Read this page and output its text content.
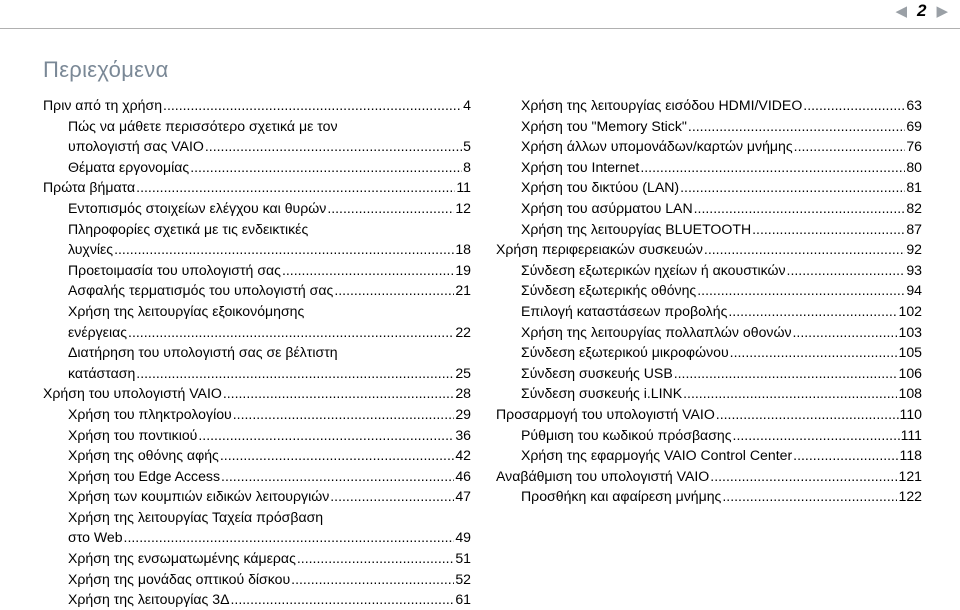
◀ 2 ▶
Περιεχόμενα
Πριν από τη χρήση .....	4
Πώς να μάθετε περισσότερο σχετικά με τον
υπολογιστή σας VAIO .....	5
Θέματα εργονομίας .....	8
Πρώτα βήματα .....	11
Εντοπισμός στοιχείων ελέγχου και θυρών .....	12
Πληροφορίες σχετικά με τις ενδεικτικές
λυχνίες .....	18
Προετοιμασία του υπολογιστή σας .....	19
Ασφαλής τερματισμός του υπολογιστή σας .....	21
Χρήση της λειτουργίας εξοικονόμησης
ενέργειας .....	22
Διατήρηση του υπολογιστή σας σε βέλτιστη
κατάσταση .....	25
Χρήση του υπολογιστή VAIO .....	28
Χρήση του πληκτρολογίου .....	29
Χρήση του ποντικιού .....	36
Χρήση της οθόνης αφής .....	42
Χρήση του Edge Access .....	46
Χρήση των κουμπιών ειδικών λειτουργιών .....	47
Χρήση της λειτουργίας Ταχεία πρόσβαση
στο Web .....	49
Χρήση της ενσωματωμένης κάμερας .....	51
Χρήση της μονάδας οπτικού δίσκου .....	52
Χρήση της λειτουργίας 3Δ .....	61
Χρήση της λειτουργίας εισόδου HDMI/VIDEO .....	63
Χρήση του "Memory Stick" .....	69
Χρήση άλλων υπομονάδων/καρτών μνήμης .....	76
Χρήση του Internet .....	80
Χρήση του δικτύου (LAN) .....	81
Χρήση του ασύρματου LAN .....	82
Χρήση της λειτουργίας BLUETOOTH .....	87
Χρήση περιφερειακών συσκευών .....	92
Σύνδεση εξωτερικών ηχείων ή ακουστικών .....	93
Σύνδεση εξωτερικής οθόνης .....	94
Επιλογή καταστάσεων προβολής .....	102
Χρήση της λειτουργίας πολλαπλών οθονών .....	103
Σύνδεση εξωτερικού μικροφώνου .....	105
Σύνδεση συσκευής USB .....	106
Σύνδεση συσκευής i.LINK .....	108
Προσαρμογή του υπολογιστή VAIO .....	110
Ρύθμιση του κωδικού πρόσβασης .....	111
Χρήση της εφαρμογής VAIO Control Center .....	118
Αναβάθμιση του υπολογιστή VAIO .....	121
Προσθήκη και αφαίρεση μνήμης .....	122
